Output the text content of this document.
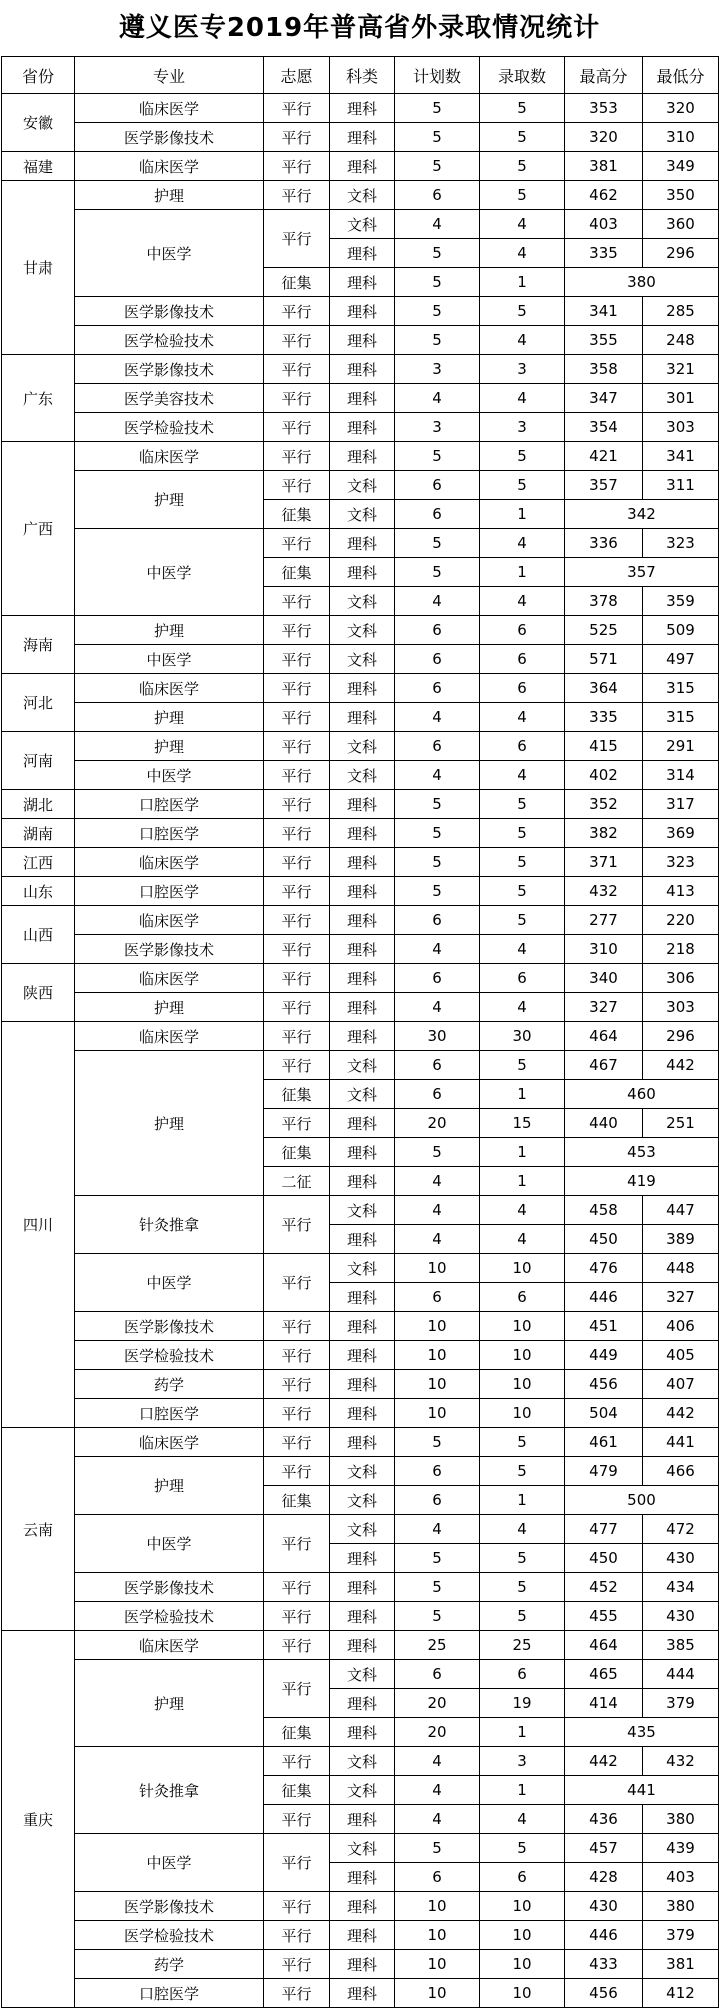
遵义医专2019年普高省外录取情况统计
省份	专业	志愿	科类	计划数	录取数	最高分	最低分
安徽	临床医学	平行	理科	5	5	353	320
	医学影像技术	平行	理科	5	5	320	310
福建	临床医学	平行	理科	5	5	381	349
甘肃	护理	平行	文科	6	5	462	350
	中医学	平行	文科	4	4	403	360
			理科	5	4	335	296
		征集	理科	5	1	380	
	医学影像技术	平行	理科	5	5	341	285
	医学检验技术	平行	理科	5	4	355	248
广东	医学影像技术	平行	理科	3	3	358	321
	医学美容技术	平行	理科	4	4	347	301
	医学检验技术	平行	理科	3	3	354	303
广西	临床医学	平行	理科	5	5	421	341
	护理	平行	文科	6	5	357	311
		征集	文科	6	1	342	
	中医学	平行	理科	5	4	336	323
		征集	理科	5	1	357	
		平行	文科	4	4	378	359
海南	护理	平行	文科	6	6	525	509
	中医学	平行	文科	6	6	571	497
河北	临床医学	平行	理科	6	6	364	315
	护理	平行	理科	4	4	335	315
河南	护理	平行	文科	6	6	415	291
	中医学	平行	文科	4	4	402	314
湖北	口腔医学	平行	理科	5	5	352	317
湖南	口腔医学	平行	理科	5	5	382	369
江西	临床医学	平行	理科	5	5	371	323
山东	口腔医学	平行	理科	5	5	432	413
山西	临床医学	平行	理科	6	5	277	220
	医学影像技术	平行	理科	4	4	310	218
陕西	临床医学	平行	理科	6	6	340	306
	护理	平行	理科	4	4	327	303
四川	临床医学	平行	理科	30	30	464	296
	护理	平行	文科	6	5	467	442
		征集	文科	6	1	460	
		平行	理科	20	15	440	251
		征集	理科	5	1	453	
		二征	理科	4	1	419	
	针灸推拿	平行	文科	4	4	458	447
			理科	4	4	450	389
	中医学	平行	文科	10	10	476	448
			理科	6	6	446	327
	医学影像技术	平行	理科	10	10	451	406
	医学检验技术	平行	理科	10	10	449	405
	药学	平行	理科	10	10	456	407
	口腔医学	平行	理科	10	10	504	442
云南	临床医学	平行	理科	5	5	461	441
	护理	平行	文科	6	5	479	466
		征集	文科	6	1	500	
	中医学	平行	文科	4	4	477	472
			理科	5	5	450	430
	医学影像技术	平行	理科	5	5	452	434
	医学检验技术	平行	理科	5	5	455	430
重庆	临床医学	平行	理科	25	25	464	385
	护理	平行	文科	6	6	465	444
			理科	20	19	414	379
		征集	理科	20	1	435	
	针灸推拿	平行	文科	4	3	442	432
		征集	文科	4	1	441	
		平行	理科	4	4	436	380
	中医学	平行	文科	5	5	457	439
			理科	6	6	428	403
	医学影像技术	平行	理科	10	10	430	380
	医学检验技术	平行	理科	10	10	446	379
	药学	平行	理科	10	10	433	381
	口腔医学	平行	理科	10	10	456	412
